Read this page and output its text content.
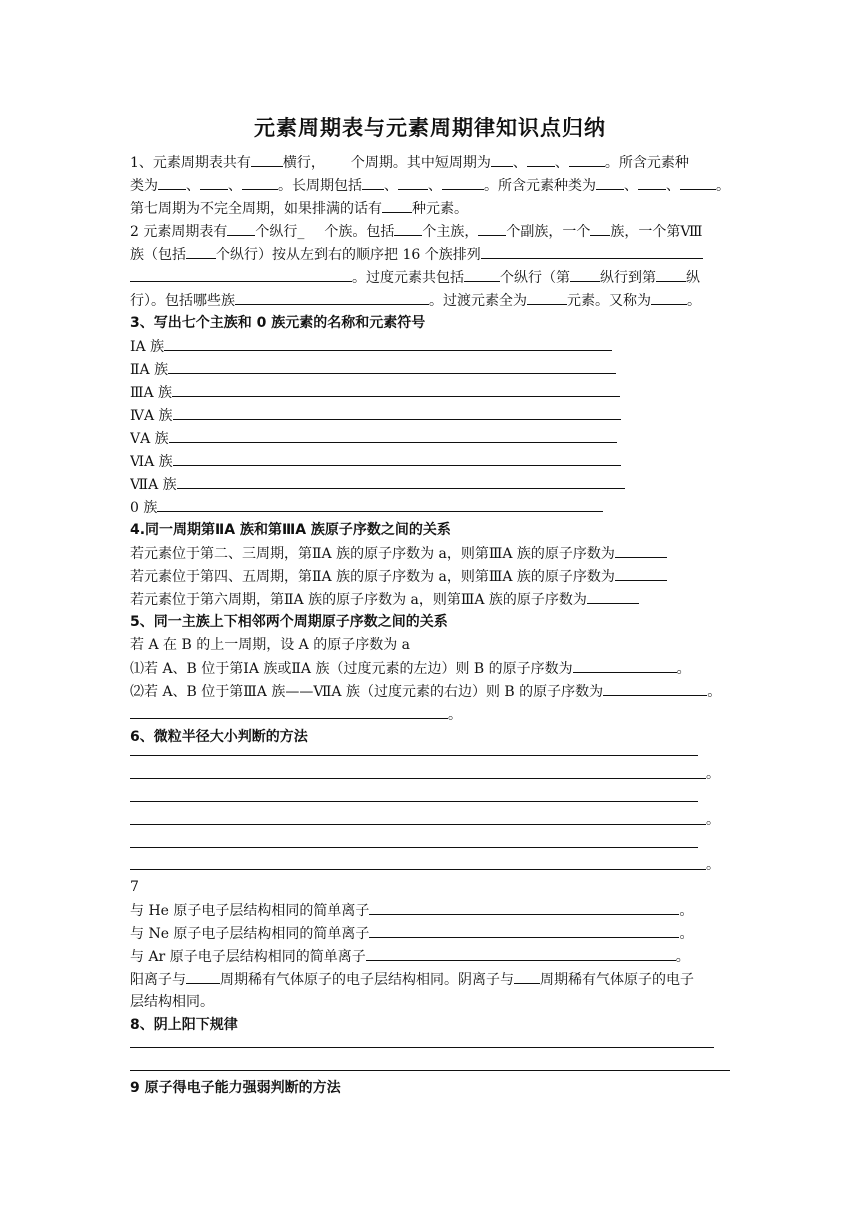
元素周期表与元素周期律知识点归纳
1、元素周期表共有 横行， 个周期。其中短周期为 、 、	。所含元素种
类为 、 、	。长周期包括 、 、	。所含元素种类为 、 、	。
第七周期为不完全周期，如果排满的话有 种元素。
2 元素周期表有 个纵行_ 个族。包括 个主族， 个副族，一个 族，一个第Ⅷ
族（包括 个纵行）按从左到右的顺序把 16 个族排列
。过度元素共包括	个纵行（第 纵行到第 纵
行）。包括哪些族	。过渡元素全为	元素。又称为	。
3、写出七个主族和 0 族元素的名称和元素符号
ⅠA 族
ⅡA 族
ⅢA 族
ⅣA 族
ⅤA 族
ⅥA 族
ⅦA 族
0 族
4.同一周期第ⅡA 族和第ⅢA 族原子序数之间的关系
若元素位于第二、三周期，第ⅡA 族的原子序数为 a，则第ⅢA 族的原子序数为
若元素位于第四、五周期，第ⅡA 族的原子序数为 a，则第ⅢA 族的原子序数为
若元素位于第六周期，第ⅡA 族的原子序数为 a，则第ⅢA 族的原子序数为
5、同一主族上下相邻两个周期原子序数之间的关系
若 A 在 B 的上一周期，设 A 的原子序数为 a
⑴若 A、B 位于第ⅠA 族或ⅡA 族（过度元素的左边）则 B 的原子序数为	。
⑵若 A、B 位于第ⅢA 族——ⅦA 族（过度元素的右边）则 B 的原子序数为	。
。
6、微粒半径大小判断的方法
。
。
。
7
与 He 原子电子层结构相同的简单离子	。
与 Ne 原子电子层结构相同的简单离子	。
与 Ar 原子电子层结构相同的简单离子	。
阳离子与 周期稀有气体原子的电子层结构相同。阴离子与 周期稀有气体原子的电子
层结构相同。
8、阴上阳下规律
9 原子得电子能力强弱判断的方法
